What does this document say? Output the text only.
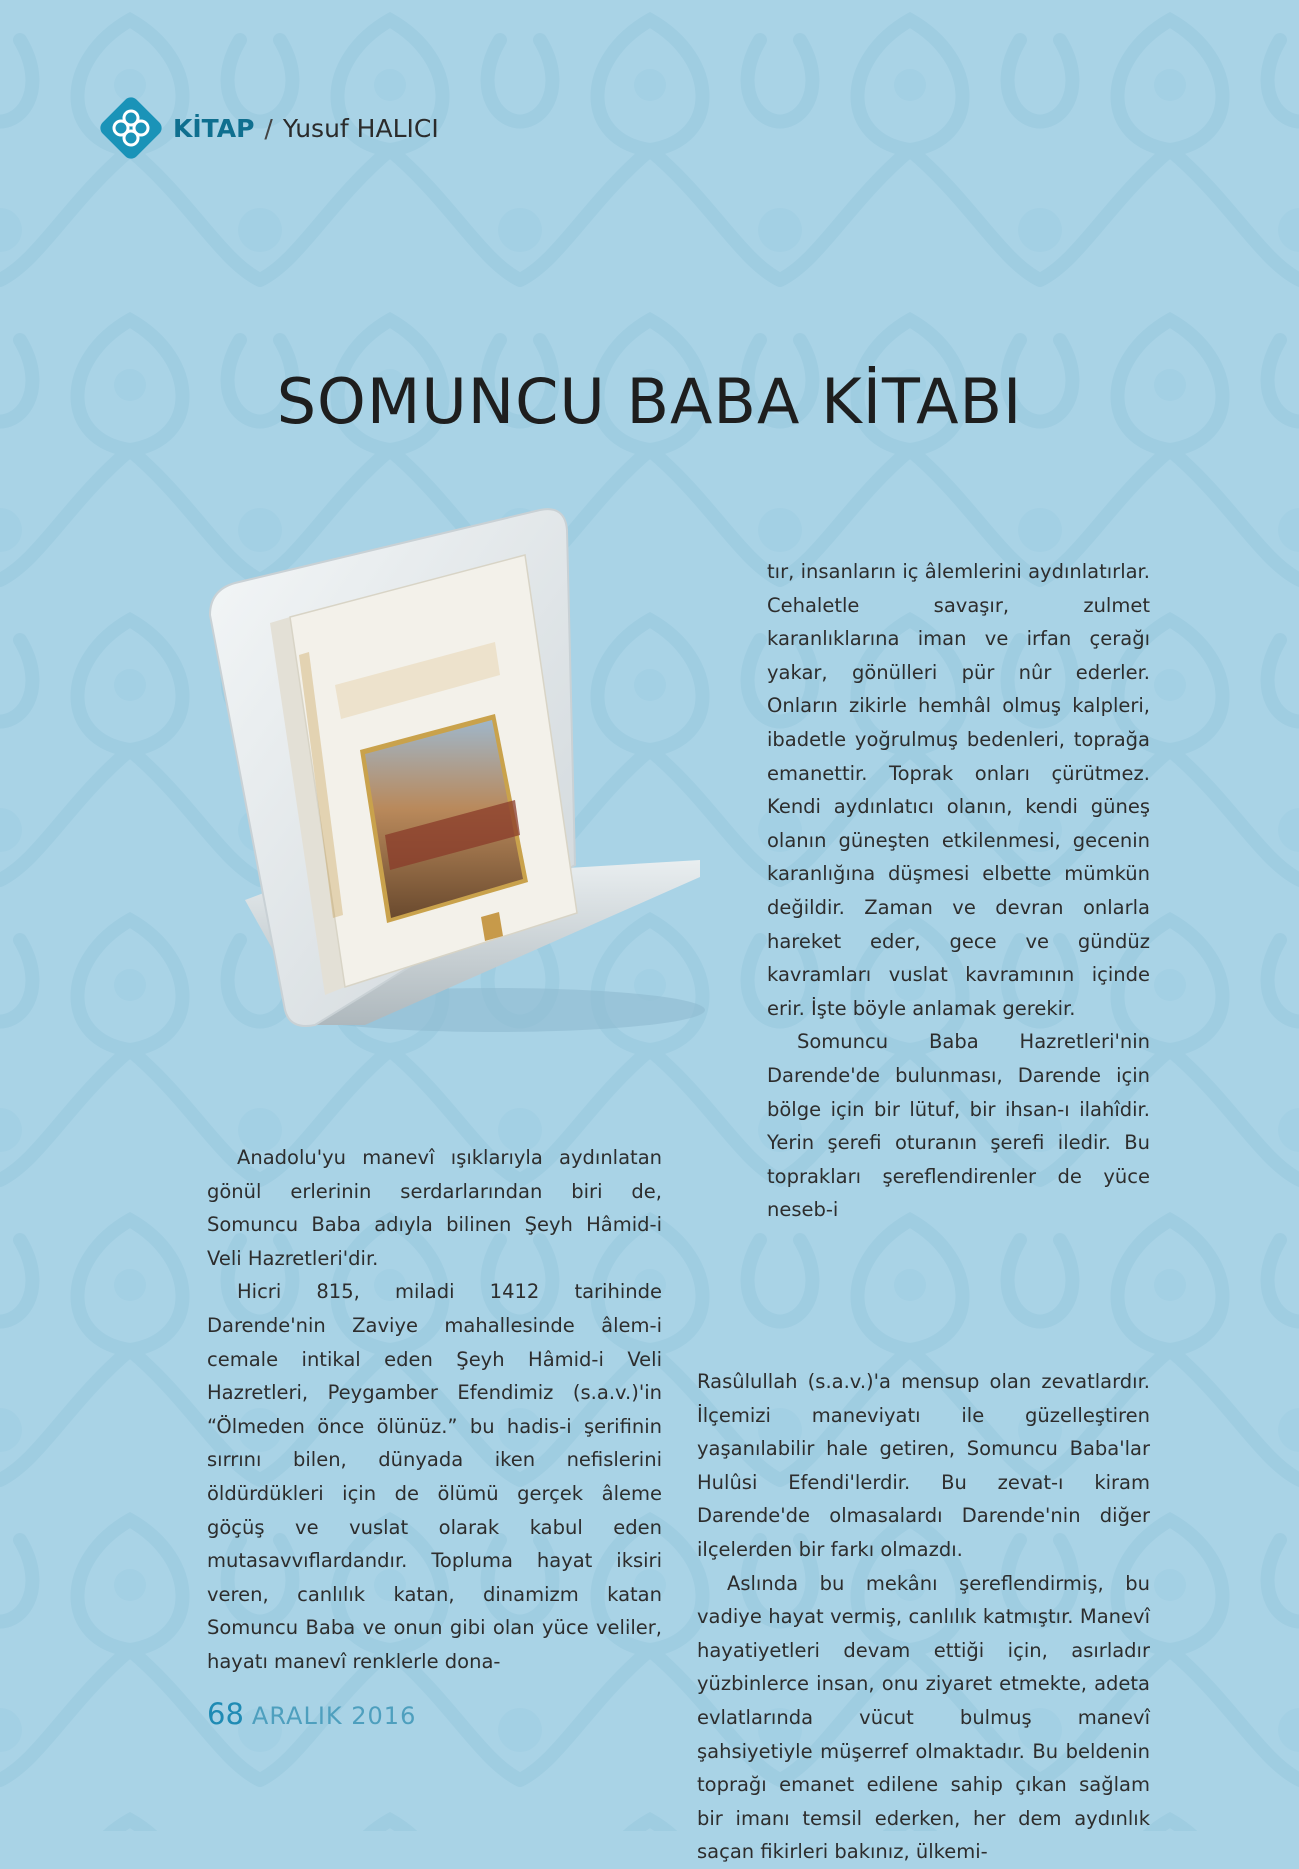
KİTAP / Yusuf HALICI
SOMUNCU BABA KİTABI
tır, insanların iç âlemlerini aydınlatırlar. Cehaletle savaşır, zulmet karanlıklarına iman ve irfan çerağı yakar, gönülleri pür nûr ederler. Onların zikirle hemhâl olmuş kalpleri, ibadetle yoğrulmuş bedenleri, toprağa emanettir. Toprak onları çürütmez. Kendi aydınlatıcı olanın, kendi güneş olanın güneşten etkilenmesi, gecenin karanlığına düşmesi elbette mümkün değildir. Zaman ve devran onlarla hareket eder, gece ve gündüz kavramları vuslat kavramının içinde erir. İşte böyle anlamak gerekir.
Somuncu Baba Hazretleri'nin Darende'de bulunması, Darende için bölge için bir lütuf, bir ihsan-ı ilahîdir. Yerin şerefi oturanın şerefi iledir. Bu toprakları şereflendirenler de yüce neseb-i
Anadolu'yu manevî ışıklarıyla aydınlatan gönül erlerinin serdarlarından biri de, Somuncu Baba adıyla bilinen Şeyh Hâmid-i Veli Hazretleri'dir.
Hicri 815, miladi 1412 tarihinde Darende'nin Zaviye mahallesinde âlem-i cemale intikal eden Şeyh Hâmid-i Veli Hazretleri, Peygamber Efendimiz (s.a.v.)'in “Ölmeden önce ölünüz.” bu hadis-i şerifinin sırrını bilen, dünyada iken nefislerini öldürdükleri için de ölümü gerçek âleme göçüş ve vuslat olarak kabul eden mutasavvıflardandır. Topluma hayat iksiri veren, canlılık katan, dinamizm katan Somuncu Baba ve onun gibi olan yüce veliler, hayatı manevî renklerle dona-
Rasûlullah (s.a.v.)'a mensup olan zevatlardır. İlçemizi maneviyatı ile güzelleştiren yaşanılabilir hale getiren, Somuncu Baba'lar Hulûsi Efendi'lerdir. Bu zevat-ı kiram Darende'de olmasalardı Darende'nin diğer ilçelerden bir farkı olmazdı.
Aslında bu mekânı şereflendirmiş, bu vadiye hayat vermiş, canlılık katmıştır. Manevî hayatiyetleri devam ettiği için, asırladır yüzbinlerce insan, onu ziyaret etmekte, adeta evlatlarında vücut bulmuş manevî şahsiyetiyle müşerref olmaktadır. Bu beldenin toprağı emanet edilene sahip çıkan sağlam bir imanı temsil ederken, her dem aydınlık saçan fikirleri bakınız, ülkemi-
68 ARALIK 2016
